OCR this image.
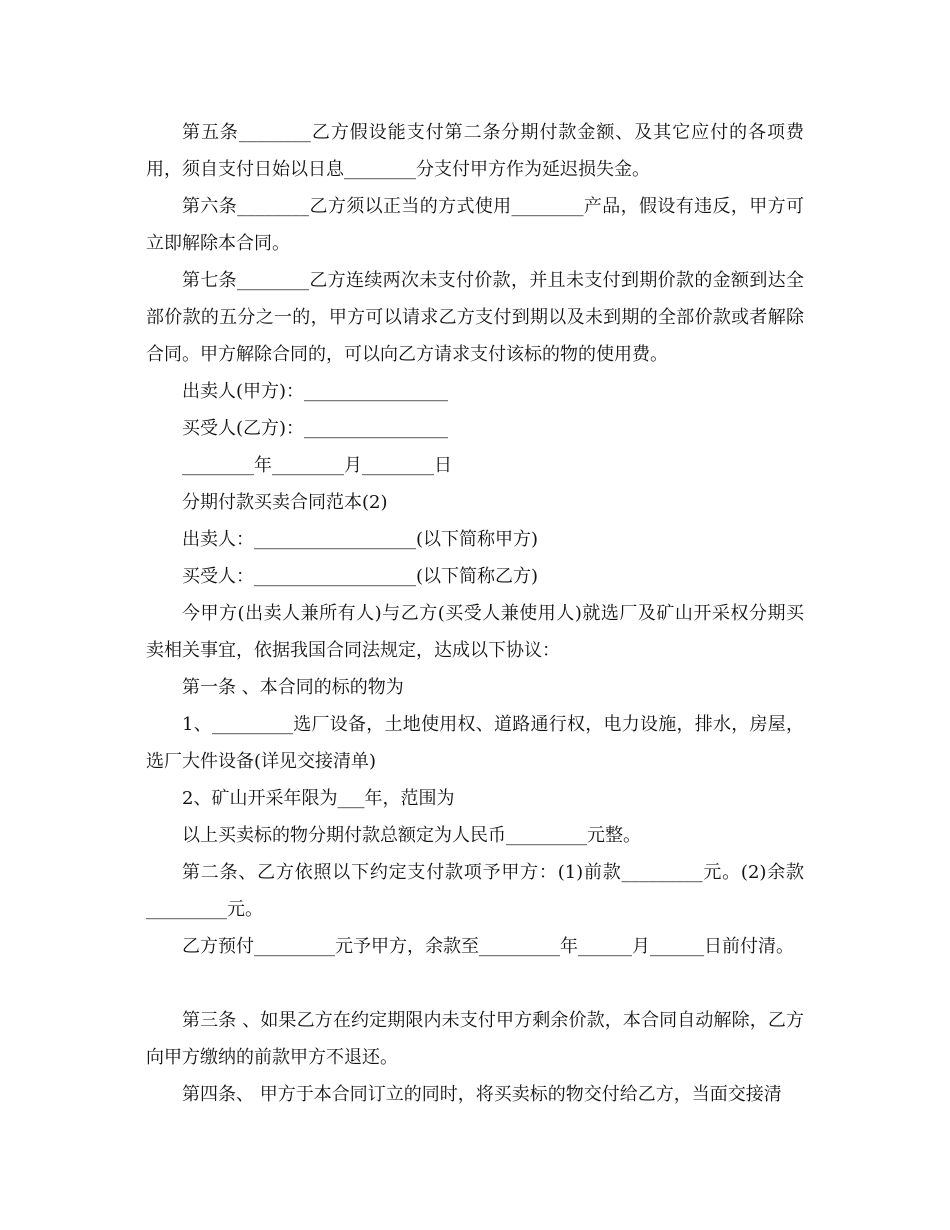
第五条________乙方假设能支付第二条分期付款金额、及其它应付的各项费用，须自支付日始以日息________分支付甲方作为延迟损失金。

第六条________乙方须以正当的方式使用________产品，假设有违反，甲方可立即解除本合同。

第七条________乙方连续两次未支付价款，并且未支付到期价款的金额到达全部价款的五分之一的，甲方可以请求乙方支付到期以及未到期的全部价款或者解除合同。甲方解除合同的，可以向乙方请求支付该标的物的使用费。

出卖人(甲方)：________________

买受人(乙方)：________________

________年________月________日

分期付款买卖合同范本(2)

出卖人：__________________(以下简称甲方)

买受人：__________________(以下简称乙方)

今甲方(出卖人兼所有人)与乙方(买受人兼使用人)就选厂及矿山开采权分期买卖相关事宜，依据我国合同法规定，达成以下协议：

第一条 、本合同的标的物为

1、_________选厂设备，土地使用权、道路通行权，电力设施，排水，房屋，选厂大件设备(详见交接清单)

2、矿山开采年限为___年，范围为

以上买卖标的物分期付款总额定为人民币_________元整。

第二条、乙方依照以下约定支付款项予甲方：(1)前款_________元。(2)余款_________元。

乙方预付_________元予甲方，余款至_________年______月______日前付清。

第三条 、如果乙方在约定期限内未支付甲方剩余价款，本合同自动解除，乙方向甲方缴纳的前款甲方不退还。

第四条、 甲方于本合同订立的同时，将买卖标的物交付给乙方，当面交接清
